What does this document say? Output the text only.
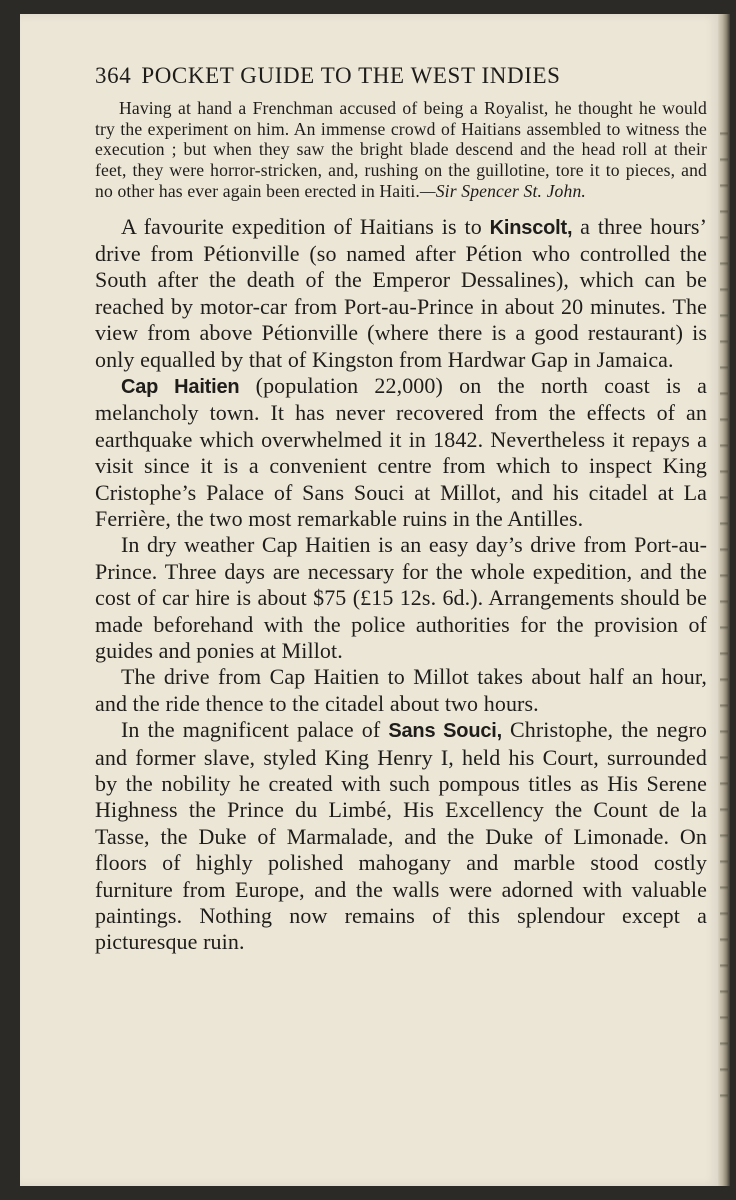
364 POCKET GUIDE TO THE WEST INDIES

Having at hand a Frenchman accused of being a Royalist, he thought he would try the experiment on him. An immense crowd of Haitians assembled to witness the execution ; but when they saw the bright blade descend and the head roll at their feet, they were horror-stricken, and, rushing on the guillotine, tore it to pieces, and no other has ever again been erected in Haiti.—Sir Spencer St. John.

A favourite expedition of Haitians is to Kinscolt, a three hours’ drive from Pétionville (so named after Pétion who controlled the South after the death of the Emperor Dessalines), which can be reached by motor-car from Port-au-Prince in about 20 minutes. The view from above Pétionville (where there is a good restaurant) is only equalled by that of Kingston from Hardwar Gap in Jamaica.

Cap Haitien (population 22,000) on the north coast is a melancholy town. It has never recovered from the effects of an earthquake which overwhelmed it in 1842. Nevertheless it repays a visit since it is a convenient centre from which to inspect King Cristophe’s Palace of Sans Souci at Millot, and his citadel at La Ferrière, the two most remarkable ruins in the Antilles.

In dry weather Cap Haitien is an easy day’s drive from Port-au-Prince. Three days are necessary for the whole expedition, and the cost of car hire is about $75 (£15 12s. 6d.). Arrangements should be made beforehand with the police authorities for the provision of guides and ponies at Millot.

The drive from Cap Haitien to Millot takes about half an hour, and the ride thence to the citadel about two hours.

In the magnificent palace of Sans Souci, Christophe, the negro and former slave, styled King Henry I, held his Court, surrounded by the nobility he created with such pompous titles as His Serene Highness the Prince du Limbé, His Excellency the Count de la Tasse, the Duke of Marmalade, and the Duke of Limonade. On floors of highly polished mahogany and marble stood costly furniture from Europe, and the walls were adorned with valuable paintings. Nothing now remains of this splendour except a picturesque ruin.
